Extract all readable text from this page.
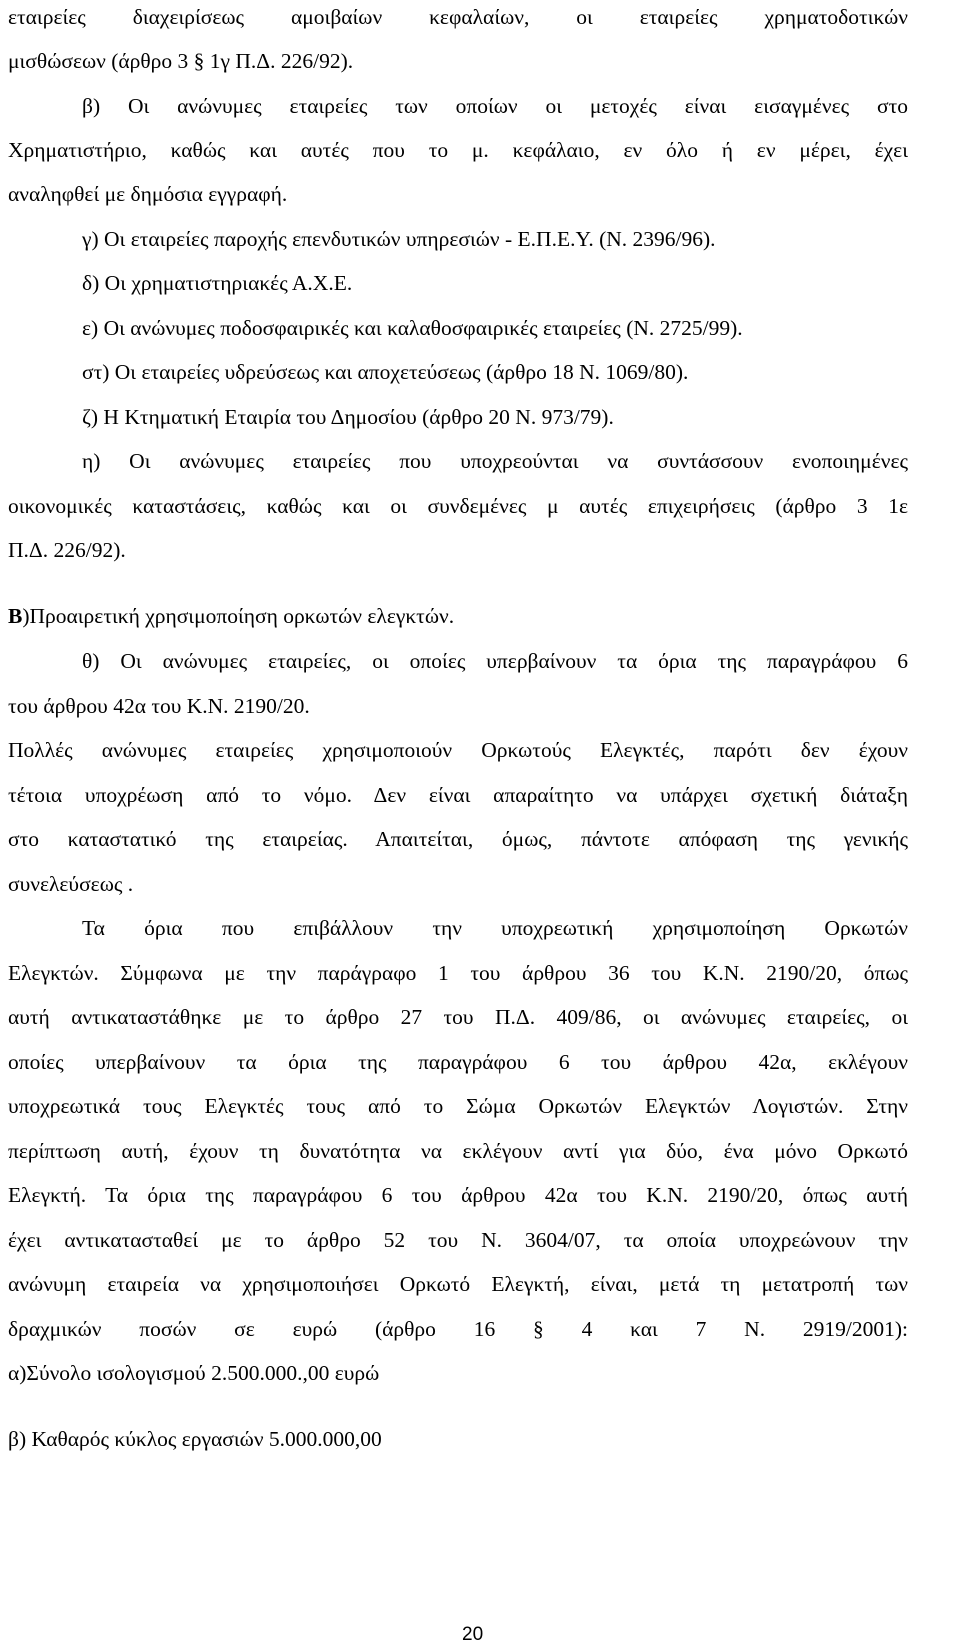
εταιρείες διαχειρίσεως αμοιβαίων κεφαλαίων, οι εταιρείες χρηματοδοτικών
μισθώσεων (άρθρο 3 § 1γ Π.Δ. 226/92).
β) Οι ανώνυμες εταιρείες των οποίων οι μετοχές είναι εισαγμένες στο
Χρηματιστήριο, καθώς και αυτές που το μ. κεφάλαιο, εν όλο ή εν μέρει, έχει
αναληφθεί με δημόσια εγγραφή.
γ) Οι εταιρείες παροχής επενδυτικών υπηρεσιών - Ε.Π.Ε.Υ. (Ν. 2396/96).
δ) Οι χρηματιστηριακές Α.Χ.Ε.
ε) Οι ανώνυμες ποδοσφαιρικές και καλαθοσφαιρικές εταιρείες (Ν. 2725/99).
στ) Οι εταιρείες υδρεύσεως και αποχετεύσεως (άρθρο 18 Ν. 1069/80).
ζ) Η Κτηματική Εταιρία του Δημοσίου (άρθρο 20 Ν. 973/79).
η) Οι ανώνυμες εταιρείες που υποχρεούνται να συντάσσουν ενοποιημένες
οικονομικές καταστάσεις, καθώς και οι συνδεμένες μ αυτές επιχειρήσεις (άρθρο 3 1ε
Π.Δ. 226/92).
Β)Προαιρετική χρησιμοποίηση ορκωτών ελεγκτών.
θ) Οι ανώνυμες εταιρείες, οι οποίες υπερβαίνουν τα όρια της παραγράφου 6
του άρθρου 42α του Κ.Ν. 2190/20.
Πολλές ανώνυμες εταιρείες χρησιμοποιούν Ορκωτούς Ελεγκτές, παρότι δεν έχουν
τέτοια υποχρέωση από το νόμο. Δεν είναι απαραίτητο να υπάρχει σχετική διάταξη
στο καταστατικό της εταιρείας. Απαιτείται, όμως, πάντοτε απόφαση της γενικής
συνελεύσεως .
Τα όρια που επιβάλλουν την υποχρεωτική χρησιμοποίηση Ορκωτών
Ελεγκτών. Σύμφωνα με την παράγραφο 1 του άρθρου 36 του Κ.Ν. 2190/20, όπως
αυτή αντικαταστάθηκε με το άρθρο 27 του Π.Δ. 409/86, οι ανώνυμες εταιρείες, οι
οποίες υπερβαίνουν τα όρια της παραγράφου 6 του άρθρου 42α, εκλέγουν
υποχρεωτικά τους Ελεγκτές τους από το Σώμα Ορκωτών Ελεγκτών Λογιστών. Στην
περίπτωση αυτή, έχουν τη δυνατότητα να εκλέγουν αντί για δύο, ένα μόνο Ορκωτό
Ελεγκτή. Τα όρια της παραγράφου 6 του άρθρου 42α του Κ.Ν. 2190/20, όπως αυτή
έχει αντικατασταθεί με το άρθρο 52 του Ν. 3604/07, τα οποία υποχρεώνουν την
ανώνυμη εταιρεία να χρησιμοποιήσει Ορκωτό Ελεγκτή, είναι, μετά τη μετατροπή των
δραχμικών ποσών σε ευρώ (άρθρο 16 § 4 και 7 Ν. 2919/2001):
α)Σύνολο ισολογισμού 2.500.000.,00 ευρώ
β) Καθαρός κύκλος εργασιών 5.000.000,00
20
